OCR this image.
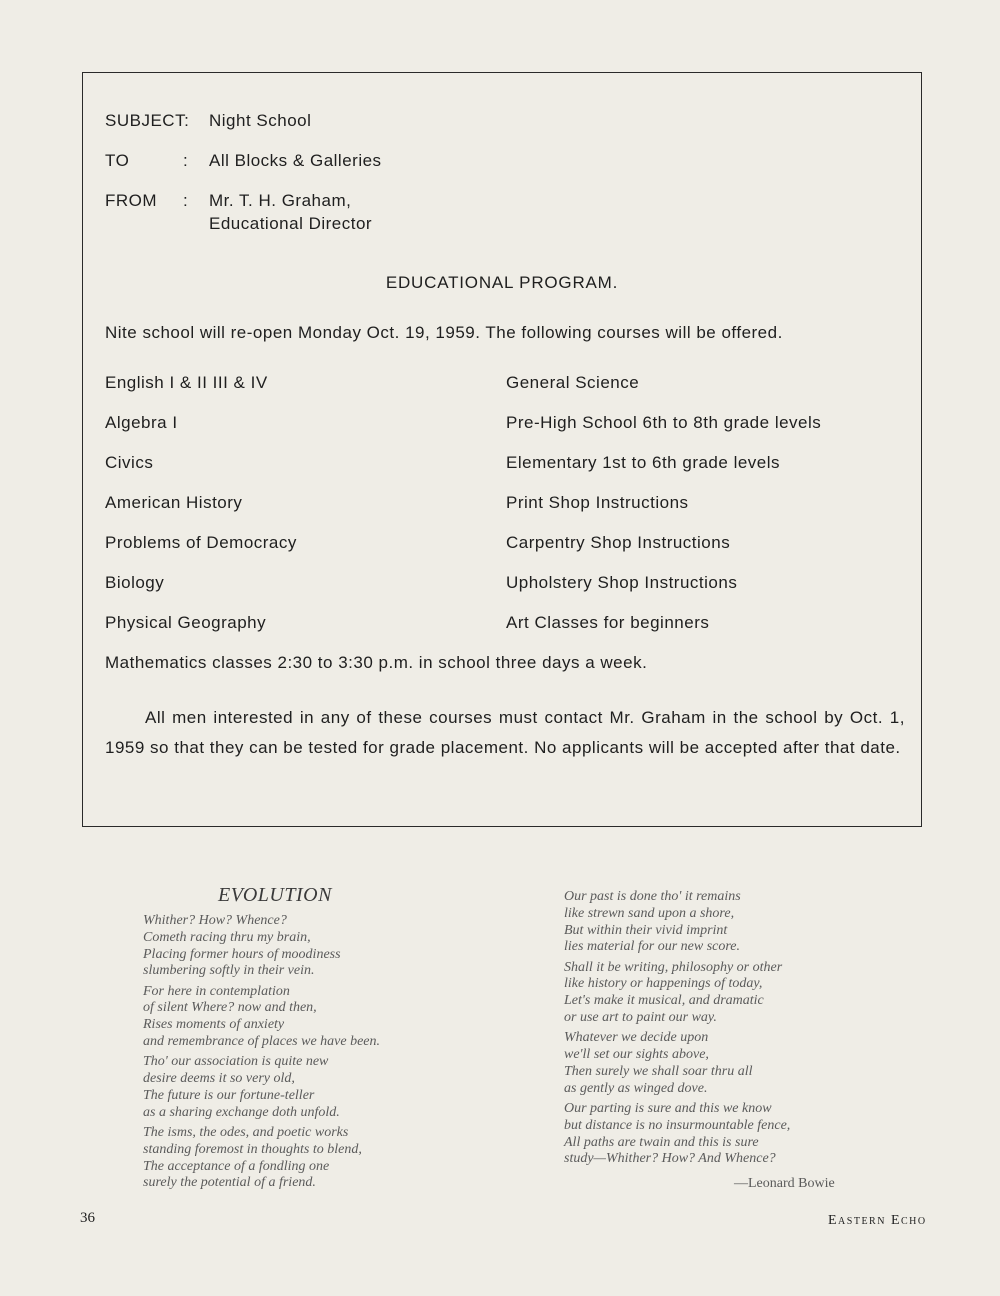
SUBJECT: Night School
TO	: All Blocks & Galleries
FROM : Mr. T. H. Graham,
Educational Director
EDUCATIONAL PROGRAM.
Nite school will re-open Monday Oct. 19, 1959. The following courses will be offered.
English I & II III & IV
Algebra I
Civics
American History
Problems of Democracy
Biology
Physical Geography
General Science
Pre-High School 6th to 8th grade levels
Elementary 1st to 6th grade levels
Print Shop Instructions
Carpentry Shop Instructions
Upholstery Shop Instructions
Art Classes for beginners
Mathematics classes 2:30 to 3:30 p.m. in school three days a week.
All men interested in any of these courses must contact Mr. Graham in the school by Oct. 1, 1959 so that they can be tested for grade placement. No applicants will be accepted after that date.
EVOLUTION
Whither? How? Whence?
Cometh racing thru my brain,
Placing former hours of moodiness
slumbering softly in their vein.
For here in contemplation
of silent Where? now and then,
Rises moments of anxiety
and remembrance of places we have been.
Tho' our association is quite new
desire deems it so very old,
The future is our fortune-teller
as a sharing exchange doth unfold.
The isms, the odes, and poetic works
standing foremost in thoughts to blend,
The acceptance of a fondling one
surely the potential of a friend.
Our past is done tho' it remains
like strewn sand upon a shore,
But within their vivid imprint
lies material for our new score.
Shall it be writing, philosophy or other
like history or happenings of today,
Let's make it musical, and dramatic
or use art to paint our way.
Whatever we decide upon
we'll set our sights above,
Then surely we shall soar thru all
as gently as winged dove.
Our parting is sure and this we know
but distance is no insurmountable fence,
All paths are twain and this is sure
study—Whither? How? And Whence?
—Leonard Bowie
36	Eastern Echo
